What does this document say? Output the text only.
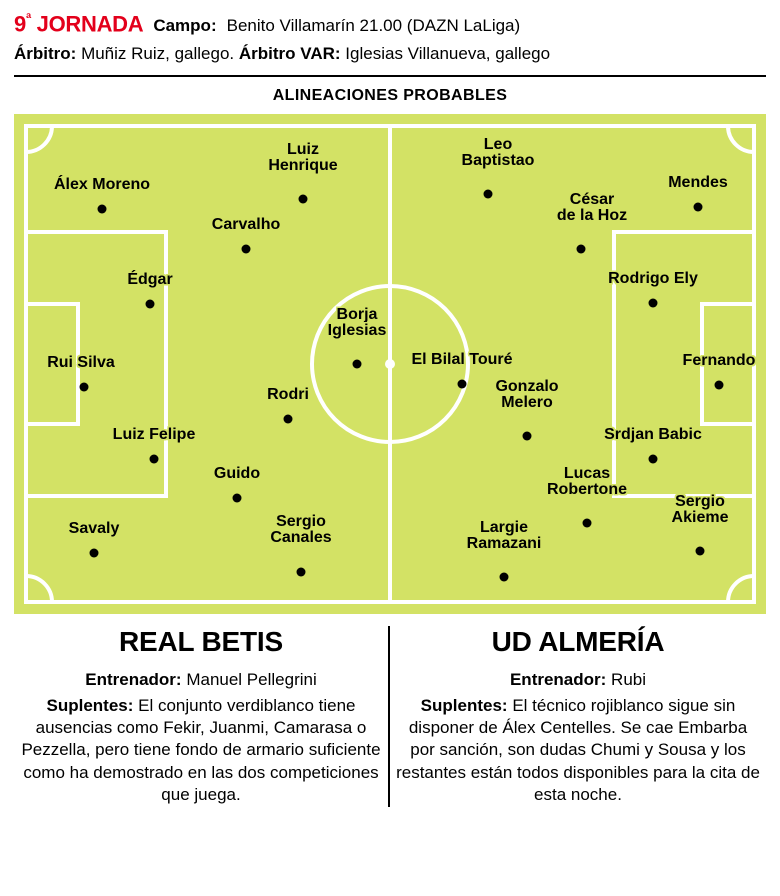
$9^ª$ JORNADA Campo: Benito Villamarín 21.00 (DAZN LaLiga)
Árbitro: Muñiz Ruiz, gallego. Árbitro VAR: Iglesias Villanueva, gallego
ALINEACIONES PROBABLES
Álex Moreno
Luiz
Henrique
Carvalho
Édgar
Borja
Iglesias
Rui Silva
Rodri
Luiz Felipe
Guido
Savaly	Sergio
Canales
Leo
Baptistao
Mendes
César
de la Hoz
Rodrigo Ely
El Bilal Touré	Fernando
Gonzalo
Melero
Srdjan Babic
Lucas
Robertone
Sergio
Akieme
Largie
Ramazani
REAL BETIS
Entrenador: Manuel Pellegrini
Suplentes: El conjunto verdiblanco tiene ausencias como Fekir, Juanmi, Camarasa o Pezzella, pero tiene fondo de armario suficiente como ha demostrado en las dos competiciones que juega.
UD ALMERÍA
Entrenador: Rubi
Suplentes: El técnico rojiblanco sigue sin disponer de Álex Centelles. Se cae Embarba por sanción, son dudas Chumi y Sousa y los restantes están todos disponibles para la cita de esta noche.
